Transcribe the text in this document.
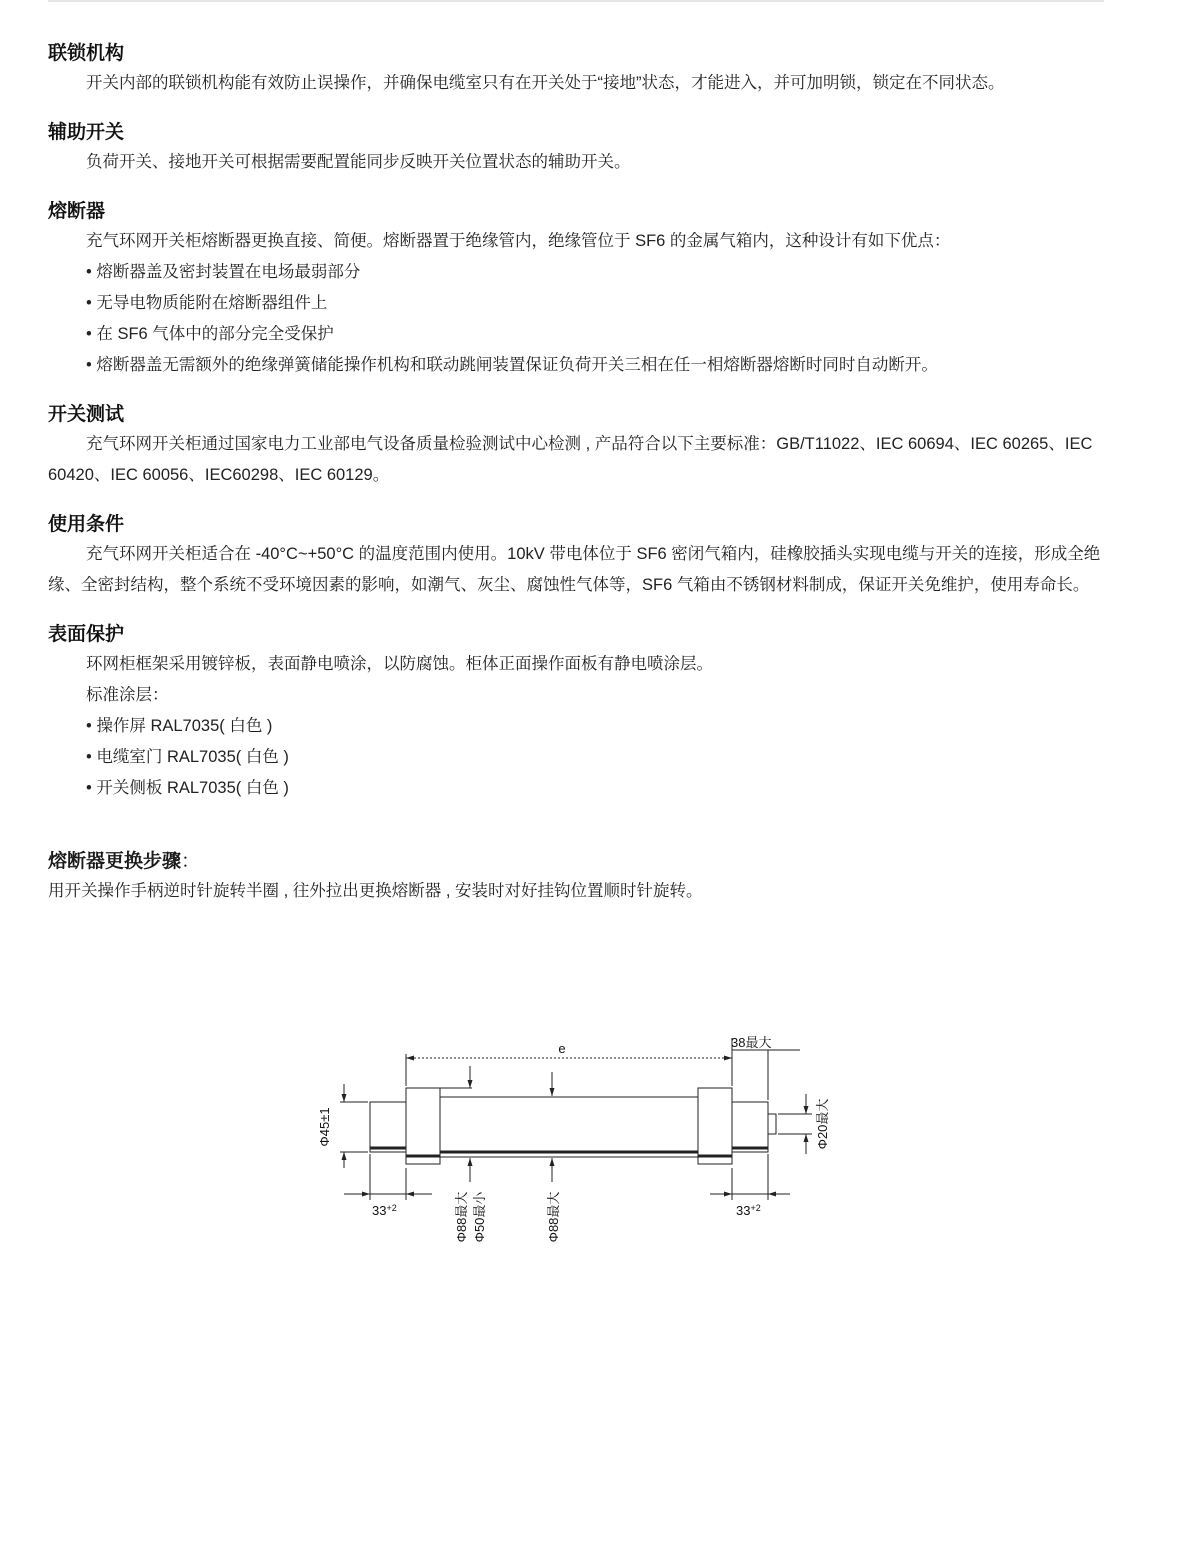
联锁机构

开关内部的联锁机构能有效防止误操作，并确保电缆室只有在开关处于“接地”状态，才能进入，并可加明锁，锁定在不同状态。

辅助开关

负荷开关、接地开关可根据需要配置能同步反映开关位置状态的辅助开关。

熔断器

充气环网开关柜熔断器更换直接、简便。熔断器置于绝缘管内，绝缘管位于 SF6 的金属气箱内，这种设计有如下优点：

• 熔断器盖及密封装置在电场最弱部分
• 无导电物质能附在熔断器组件上
• 在 SF6 气体中的部分完全受保护
• 熔断器盖无需额外的绝缘弹簧储能操作机构和联动跳闸装置保证负荷开关三相在任一相熔断器熔断时同时自动断开。
开关测试

充气环网开关柜通过国家电力工业部电气设备质量检验测试中心检测 , 产品符合以下主要标准：GB/T11022、IEC 60694、IEC 60265、IEC 60420、IEC 60056、IEC60298、IEC 60129。

使用条件

充气环网开关柜适合在 -40°C~+50°C 的温度范围内使用。10kV 带电体位于 SF6 密闭气箱内，硅橡胶插头实现电缆与开关的连接，形成全绝缘、全密封结构，整个系统不受环境因素的影响，如潮气、灰尘、腐蚀性气体等，SF6 气箱由不锈钢材料制成，保证开关免维护，使用寿命长。

表面保护

环网柜框架采用镀锌板，表面静电喷涂，以防腐蚀。柜体正面操作面板有静电喷涂层。

标准涂层：

• 操作屏 RAL7035( 白色 )
• 电缆室门 RAL7035( 白色 )
• 开关侧板 RAL7035( 白色 )
熔断器更换步骤：

用开关操作手柄逆时针旋转半圈 , 往外拉出更换熔断器 , 安装时对好挂钩位置顺时针旋转。

e	38最大
Φ45±1	Φ20最大
$33^{+2}$	$33^{+2}$
Φ88最大 Φ50最小	Φ88最大
